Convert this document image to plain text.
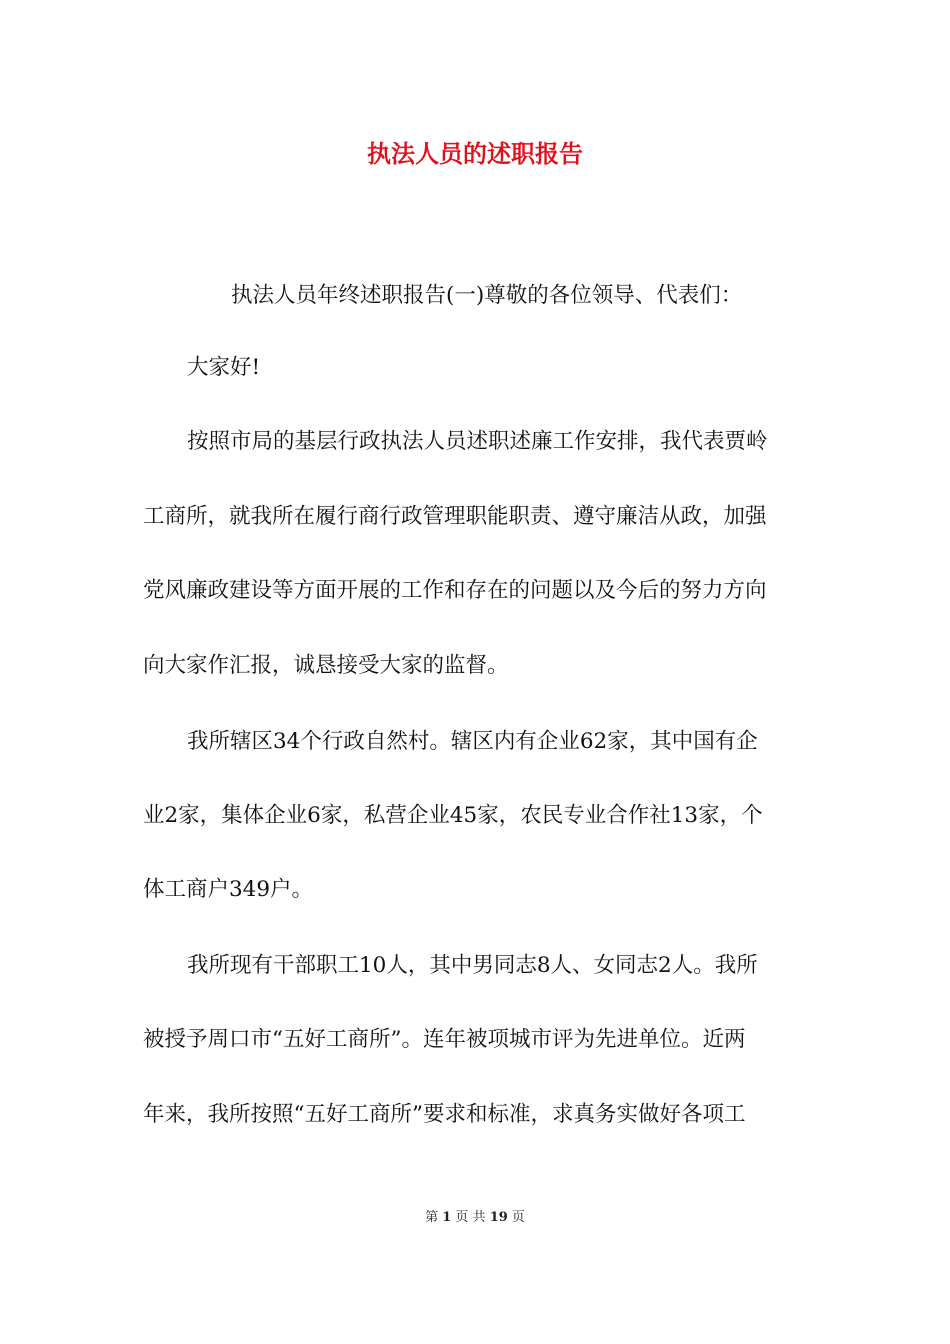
执法人员的述职报告
执法人员年终述职报告(一)尊敬的各位领导、代表们：
大家好!
按照市局的基层行政执法人员述职述廉工作安排，我代表贾岭
工商所，就我所在履行商行政管理职能职责、遵守廉洁从政，加强
党风廉政建设等方面开展的工作和存在的问题以及今后的努力方向
向大家作汇报，诚恳接受大家的监督。
我所辖区34个行政自然村。辖区内有企业62家，其中国有企
业2家，集体企业6家，私营企业45家，农民专业合作社13家，个
体工商户349户。
我所现有干部职工10人，其中男同志8人、女同志2人。我所
被授予周口市“五好工商所”。连年被项城市评为先进单位。近两
年来，我所按照“五好工商所”要求和标准，求真务实做好各项工
第 1 页 共 19 页
